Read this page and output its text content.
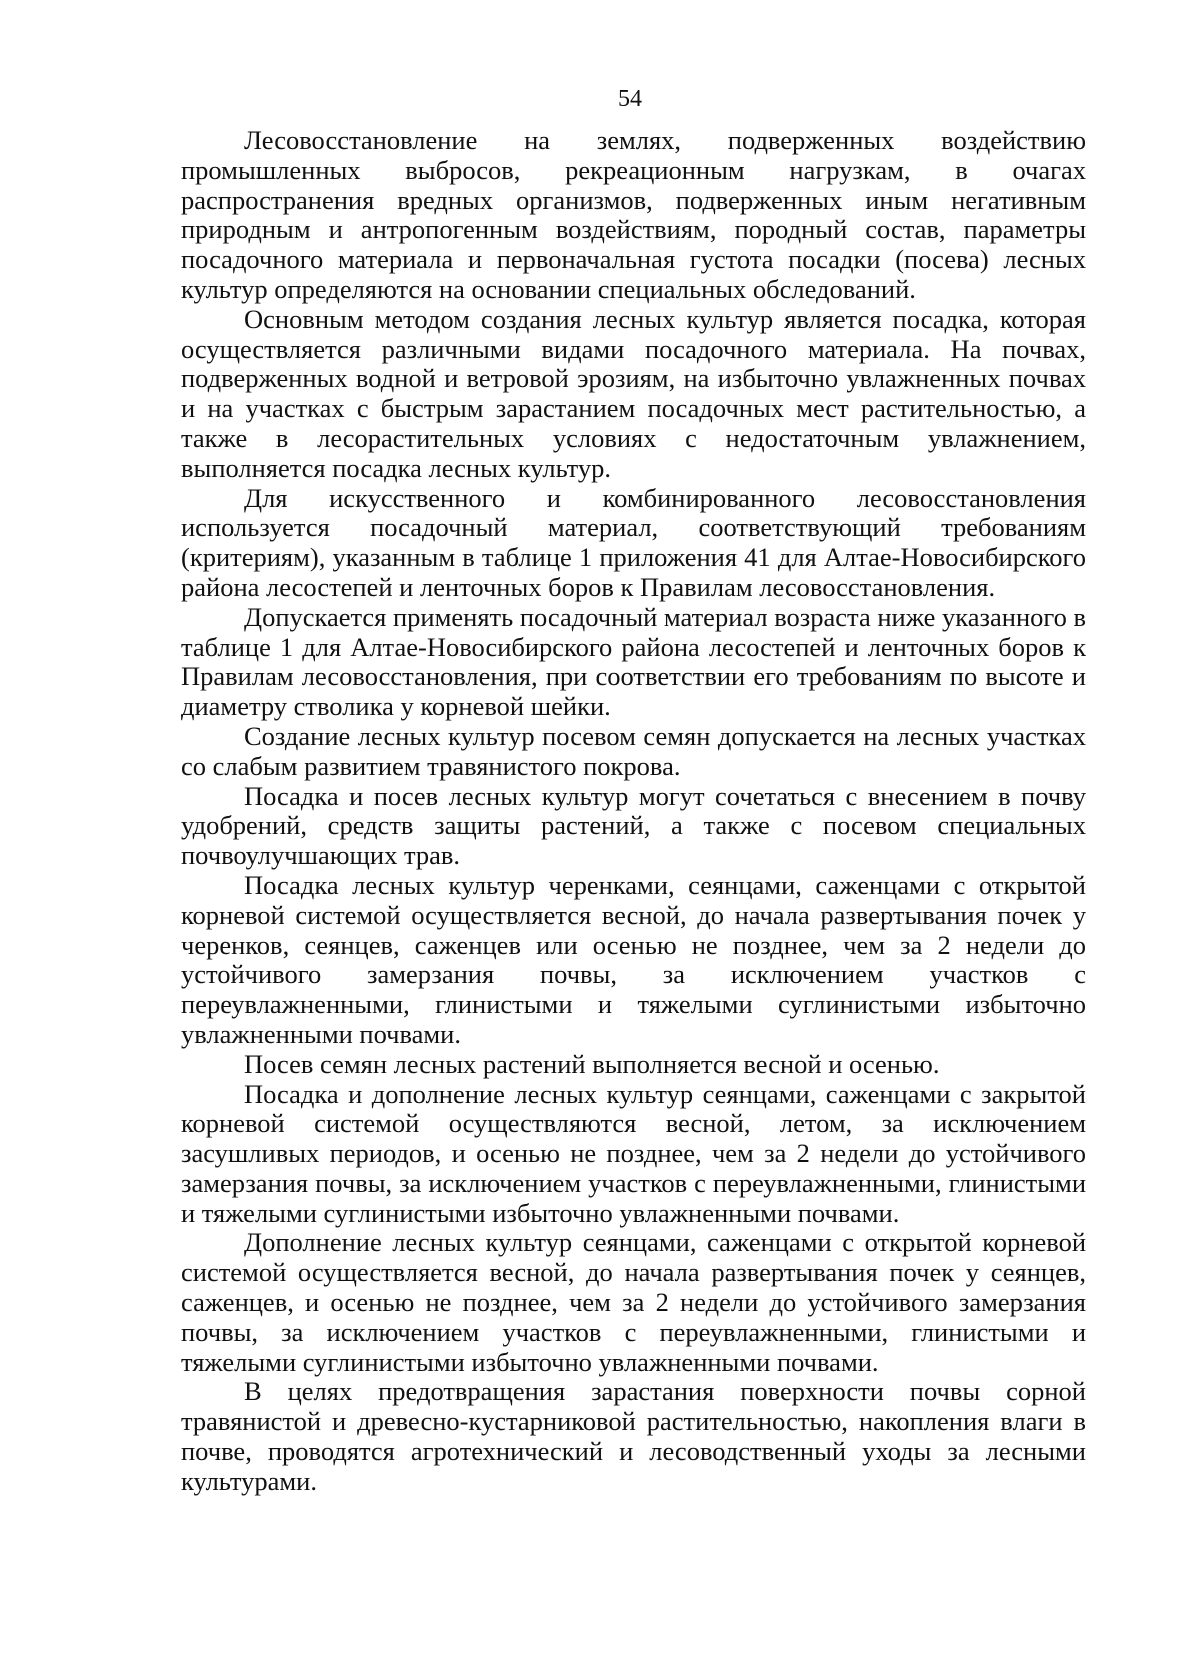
54

Лесовосстановление на землях, подверженных воздействию промышленных выбросов, рекреационным нагрузкам, в очагах распространения вредных организмов, подверженных иным негативным природным и антропогенным воздействиям, породный состав, параметры посадочного материала и первоначальная густота посадки (посева) лесных культур определяются на основании специальных обследований.

Основным методом создания лесных культур является посадка, которая осуществляется различными видами посадочного материала. На почвах, подверженных водной и ветровой эрозиям, на избыточно увлажненных почвах и на участках с быстрым зарастанием посадочных мест растительностью, а также в лесорастительных условиях с недостаточным увлажнением, выполняется посадка лесных культур.

Для искусственного и комбинированного лесовосстановления используется посадочный материал, соответствующий требованиям (критериям), указанным в таблице 1 приложения 41 для Алтае-Новосибирского района лесостепей и ленточных боров к Правилам лесовосстановления.

Допускается применять посадочный материал возраста ниже указанного в таблице 1 для Алтае-Новосибирского района лесостепей и ленточных боров к Правилам лесовосстановления, при соответствии его требованиям по высоте и диаметру стволика у корневой шейки.

Создание лесных культур посевом семян допускается на лесных участках со слабым развитием травянистого покрова.

Посадка и посев лесных культур могут сочетаться с внесением в почву удобрений, средств защиты растений, а также с посевом специальных почвоулучшающих трав.

Посадка лесных культур черенками, сеянцами, саженцами с открытой корневой системой осуществляется весной, до начала развертывания почек у черенков, сеянцев, саженцев или осенью не позднее, чем за 2 недели до устойчивого замерзания почвы, за исключением участков с переувлажненными, глинистыми и тяжелыми суглинистыми избыточно увлажненными почвами.

Посев семян лесных растений выполняется весной и осенью.

Посадка и дополнение лесных культур сеянцами, саженцами с закрытой корневой системой осуществляются весной, летом, за исключением засушливых периодов, и осенью не позднее, чем за 2 недели до устойчивого замерзания почвы, за исключением участков с переувлажненными, глинистыми и тяжелыми суглинистыми избыточно увлажненными почвами.

Дополнение лесных культур сеянцами, саженцами с открытой корневой системой осуществляется весной, до начала развертывания почек у сеянцев, саженцев, и осенью не позднее, чем за 2 недели до устойчивого замерзания почвы, за исключением участков с переувлажненными, глинистыми и тяжелыми суглинистыми избыточно увлажненными почвами.

В целях предотвращения зарастания поверхности почвы сорной травянистой и древесно-кустарниковой растительностью, накопления влаги в почве, проводятся агротехнический и лесоводственный уходы за лесными культурами.
